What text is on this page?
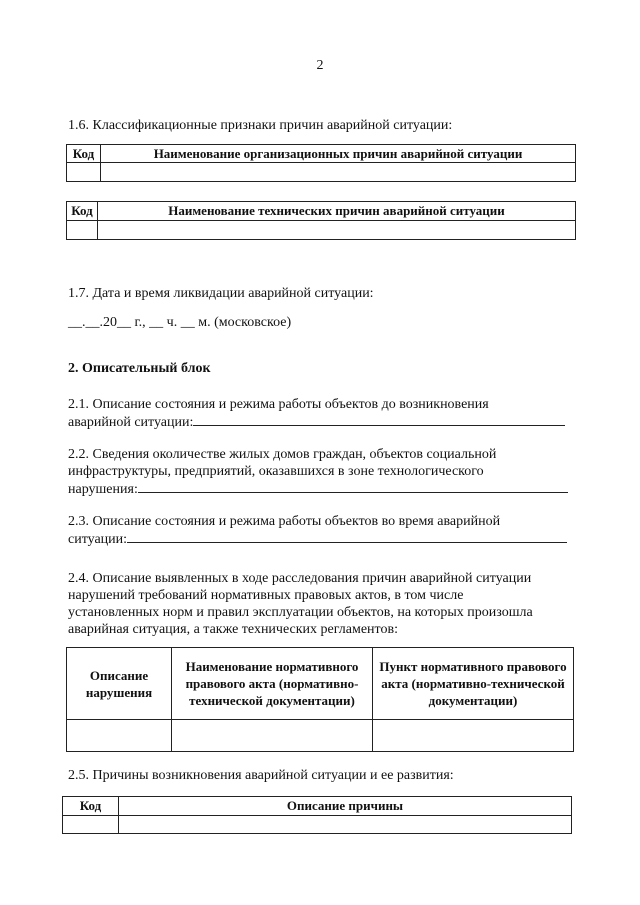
2
1.6. Классификационные признаки причин аварийной ситуации:
Код	Наименование организационных причин аварийной ситуации

Код	Наименование технических причин аварийной ситуации

1.7. Дата и время ликвидации аварийной ситуации:
__.__.20__ г., __ ч. __ м. (московское)
2. Описательный блок
2.1. Описание состояния и режима работы объектов до возникновения
аварийной ситуации:
2.2. Сведения околичестве жилых домов граждан, объектов социальной
инфраструктуры, предприятий, оказавшихся в зоне технологического
нарушения:
2.3. Описание состояния и режима работы объектов во время аварийной
ситуации:
2.4. Описание выявленных в ходе расследования причин аварийной ситуации
нарушений требований нормативных правовых актов, в том числе
установленных норм и правил эксплуатации объектов, на которых произошла
аварийная ситуация, а также технических регламентов:
Описание нарушения	Наименование нормативного правового акта (нормативно-технической документации)	Пункт нормативного правового акта (нормативно-технической документации)

2.5. Причины возникновения аварийной ситуации и ее развития:
Код	Описание причины
